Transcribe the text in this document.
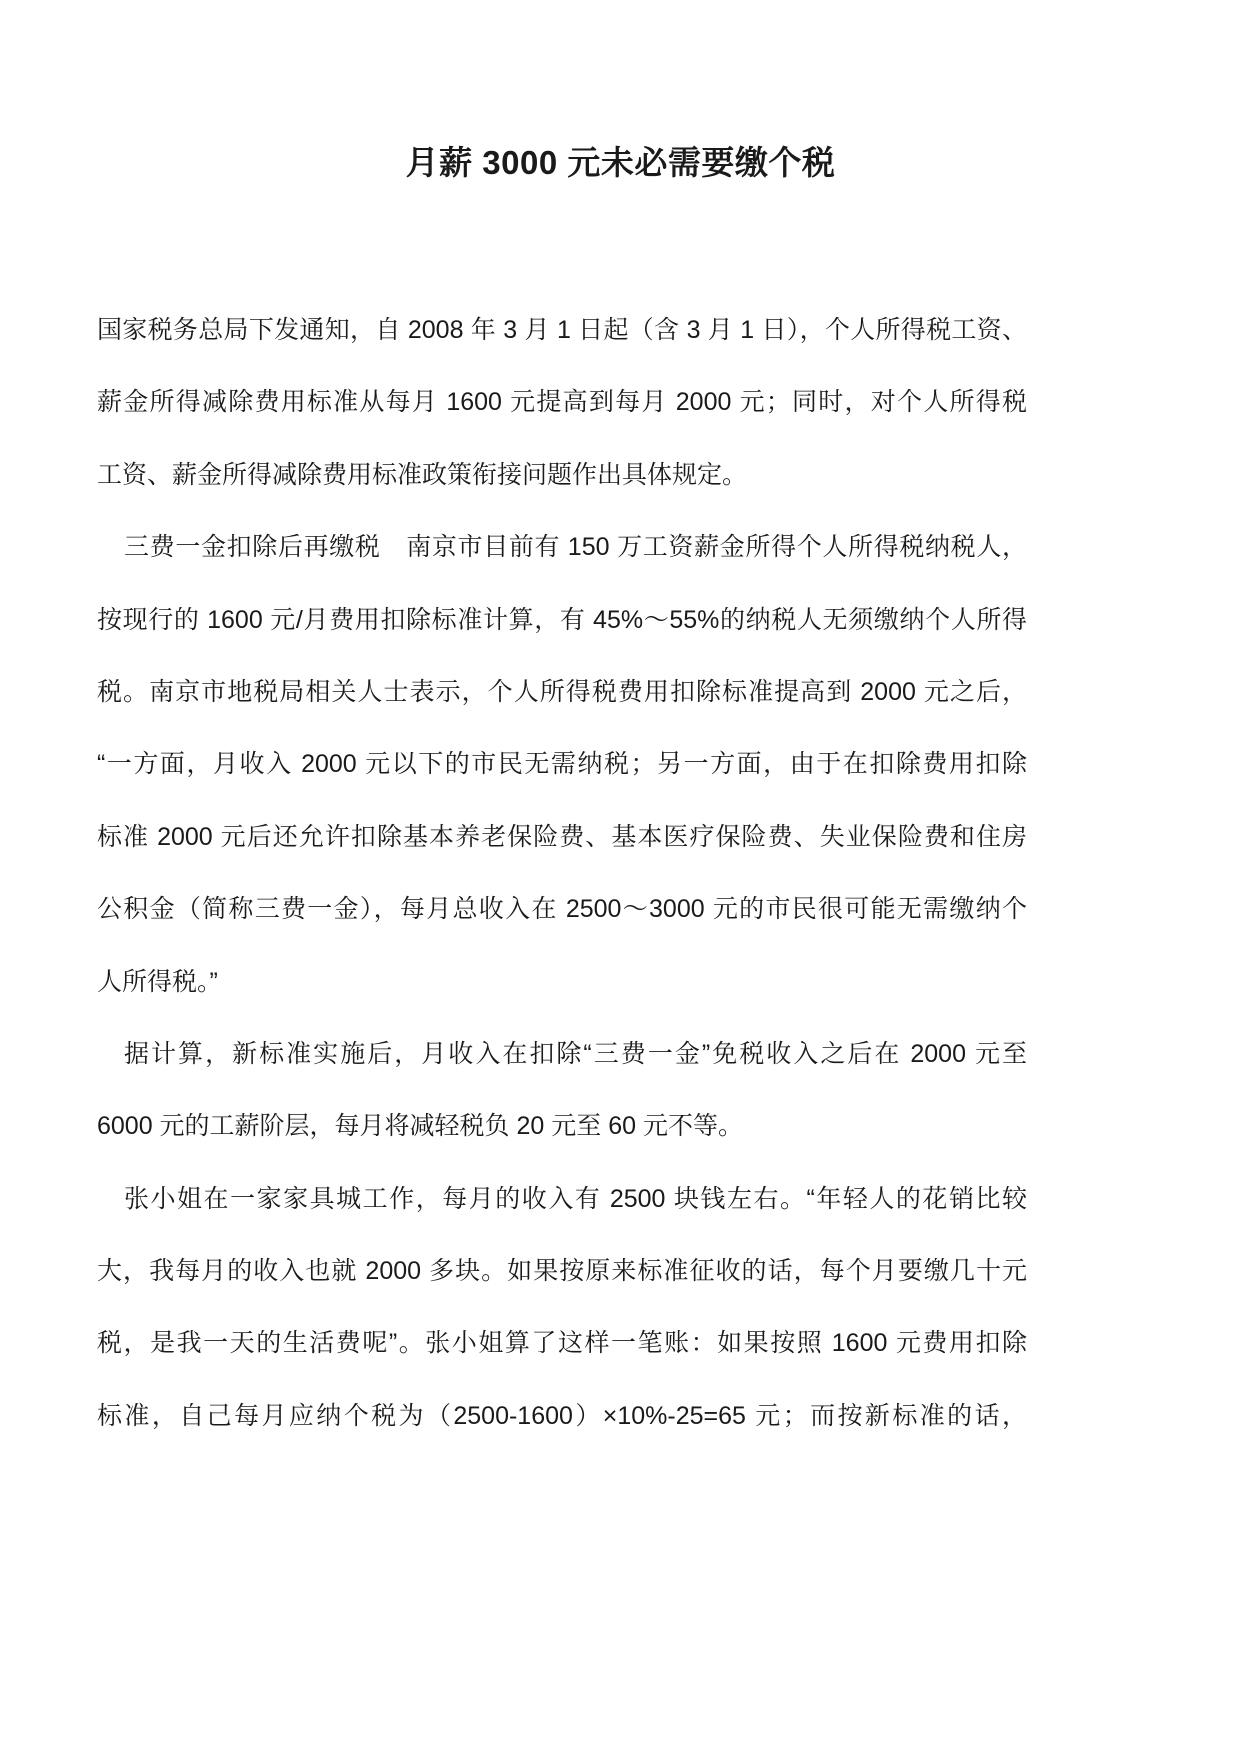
月薪 3000 元未必需要缴个税
国家税务总局下发通知，自 2008 年 3 月 1 日起（含 3 月 1 日），个人所得税工资、
薪金所得减除费用标准从每月 1600 元提高到每月 2000 元；同时，对个人所得税
工资、薪金所得减除费用标准政策衔接问题作出具体规定。
三费一金扣除后再缴税　南京市目前有 150 万工资薪金所得个人所得税纳税人，
按现行的 1600 元/月费用扣除标准计算，有 45%～55%的纳税人无须缴纳个人所得
税。南京市地税局相关人士表示，个人所得税费用扣除标准提高到 2000 元之后，
“一方面，月收入 2000 元以下的市民无需纳税；另一方面，由于在扣除费用扣除
标准 2000 元后还允许扣除基本养老保险费、基本医疗保险费、失业保险费和住房
公积金（简称三费一金），每月总收入在 2500～3000 元的市民很可能无需缴纳个
人所得税。”
据计算，新标准实施后，月收入在扣除“三费一金”免税收入之后在 2000 元至
6000 元的工薪阶层，每月将减轻税负 20 元至 60 元不等。
张小姐在一家家具城工作，每月的收入有 2500 块钱左右。“年轻人的花销比较
大，我每月的收入也就 2000 多块。如果按原来标准征收的话，每个月要缴几十元
税，是我一天的生活费呢”。张小姐算了这样一笔账：如果按照 1600 元费用扣除
标准，自己每月应纳个税为（2500-1600）×10%-25=65 元；而按新标准的话，
